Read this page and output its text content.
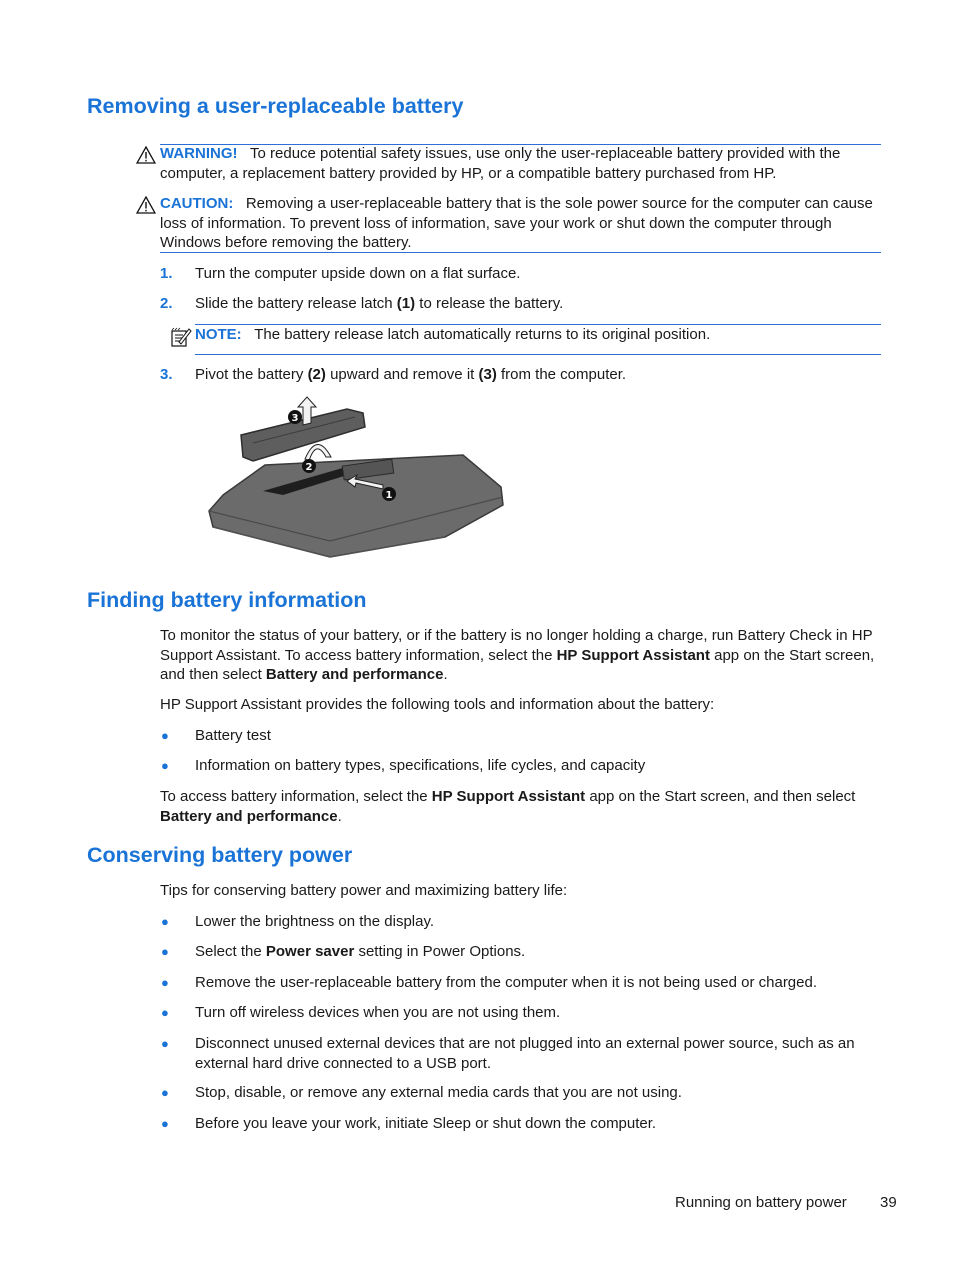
Removing a user-replaceable battery
WARNING! To reduce potential safety issues, use only the user-replaceable battery provided with the computer, a replacement battery provided by HP, or a compatible battery purchased from HP.
CAUTION: Removing a user-replaceable battery that is the sole power source for the computer can cause loss of information. To prevent loss of information, save your work or shut down the computer through Windows before removing the battery.
1. Turn the computer upside down on a flat surface.
2. Slide the battery release latch (1) to release the battery.
NOTE: The battery release latch automatically returns to its original position.
3. Pivot the battery (2) upward and remove it (3) from the computer.
3
2
1
Finding battery information
To monitor the status of your battery, or if the battery is no longer holding a charge, run Battery Check in HP Support Assistant. To access battery information, select the HP Support Assistant app on the Start screen, and then select Battery and performance.
HP Support Assistant provides the following tools and information about the battery:
● Battery test
● Information on battery types, specifications, life cycles, and capacity
To access battery information, select the HP Support Assistant app on the Start screen, and then select Battery and performance.
Conserving battery power
Tips for conserving battery power and maximizing battery life:
● Lower the brightness on the display.
● Select the Power saver setting in Power Options.
● Remove the user-replaceable battery from the computer when it is not being used or charged.
● Turn off wireless devices when you are not using them.
● Disconnect unused external devices that are not plugged into an external power source, such as an external hard drive connected to a USB port.
● Stop, disable, or remove any external media cards that you are not using.
● Before you leave your work, initiate Sleep or shut down the computer.
Running on battery power 39
